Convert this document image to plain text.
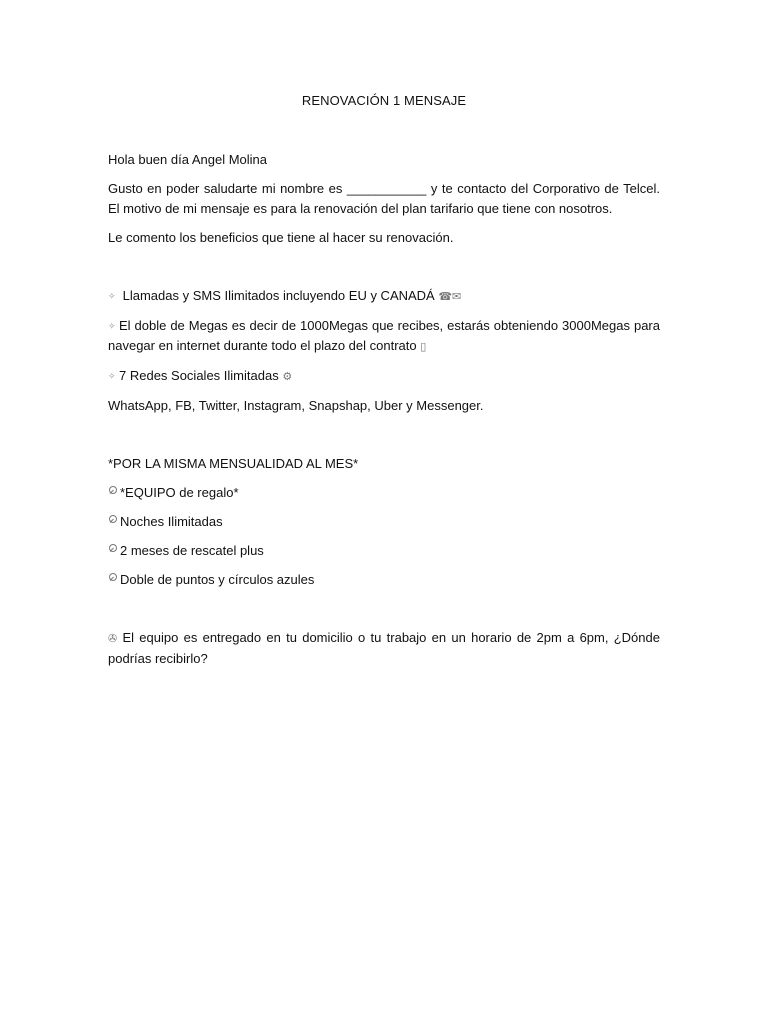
RENOVACIÓN 1 MENSAJE

Hola buen día Angel Molina

Gusto en poder saludarte mi nombre es ___________ y te contacto del Corporativo de Telcel. El motivo de mi mensaje es para la renovación del plan tarifario que tiene con nosotros.

Le comento los beneficios que tiene al hacer su renovación.

✧ Llamadas y SMS Ilimitados incluyendo EU y CANADÁ ☎✉

✧ El doble de Megas es decir de 1000Megas que recibes, estarás obteniendo 3000Megas para navegar en internet durante todo el plazo del contrato ▯

✧ 7 Redes Sociales Ilimitadas ⚙

WhatsApp, FB, Twitter, Instagram, Snapshap, Uber y Messenger.

*POR LA MISMA MENSUALIDAD AL MES*

*EQUIPO de regalo*

Noches Ilimitadas

2 meses de rescatel plus

Doble de puntos y círculos azules

✇ El equipo es entregado en tu domicilio o tu trabajo en un horario de 2pm a 6pm, ¿Dónde podrías recibirlo?
